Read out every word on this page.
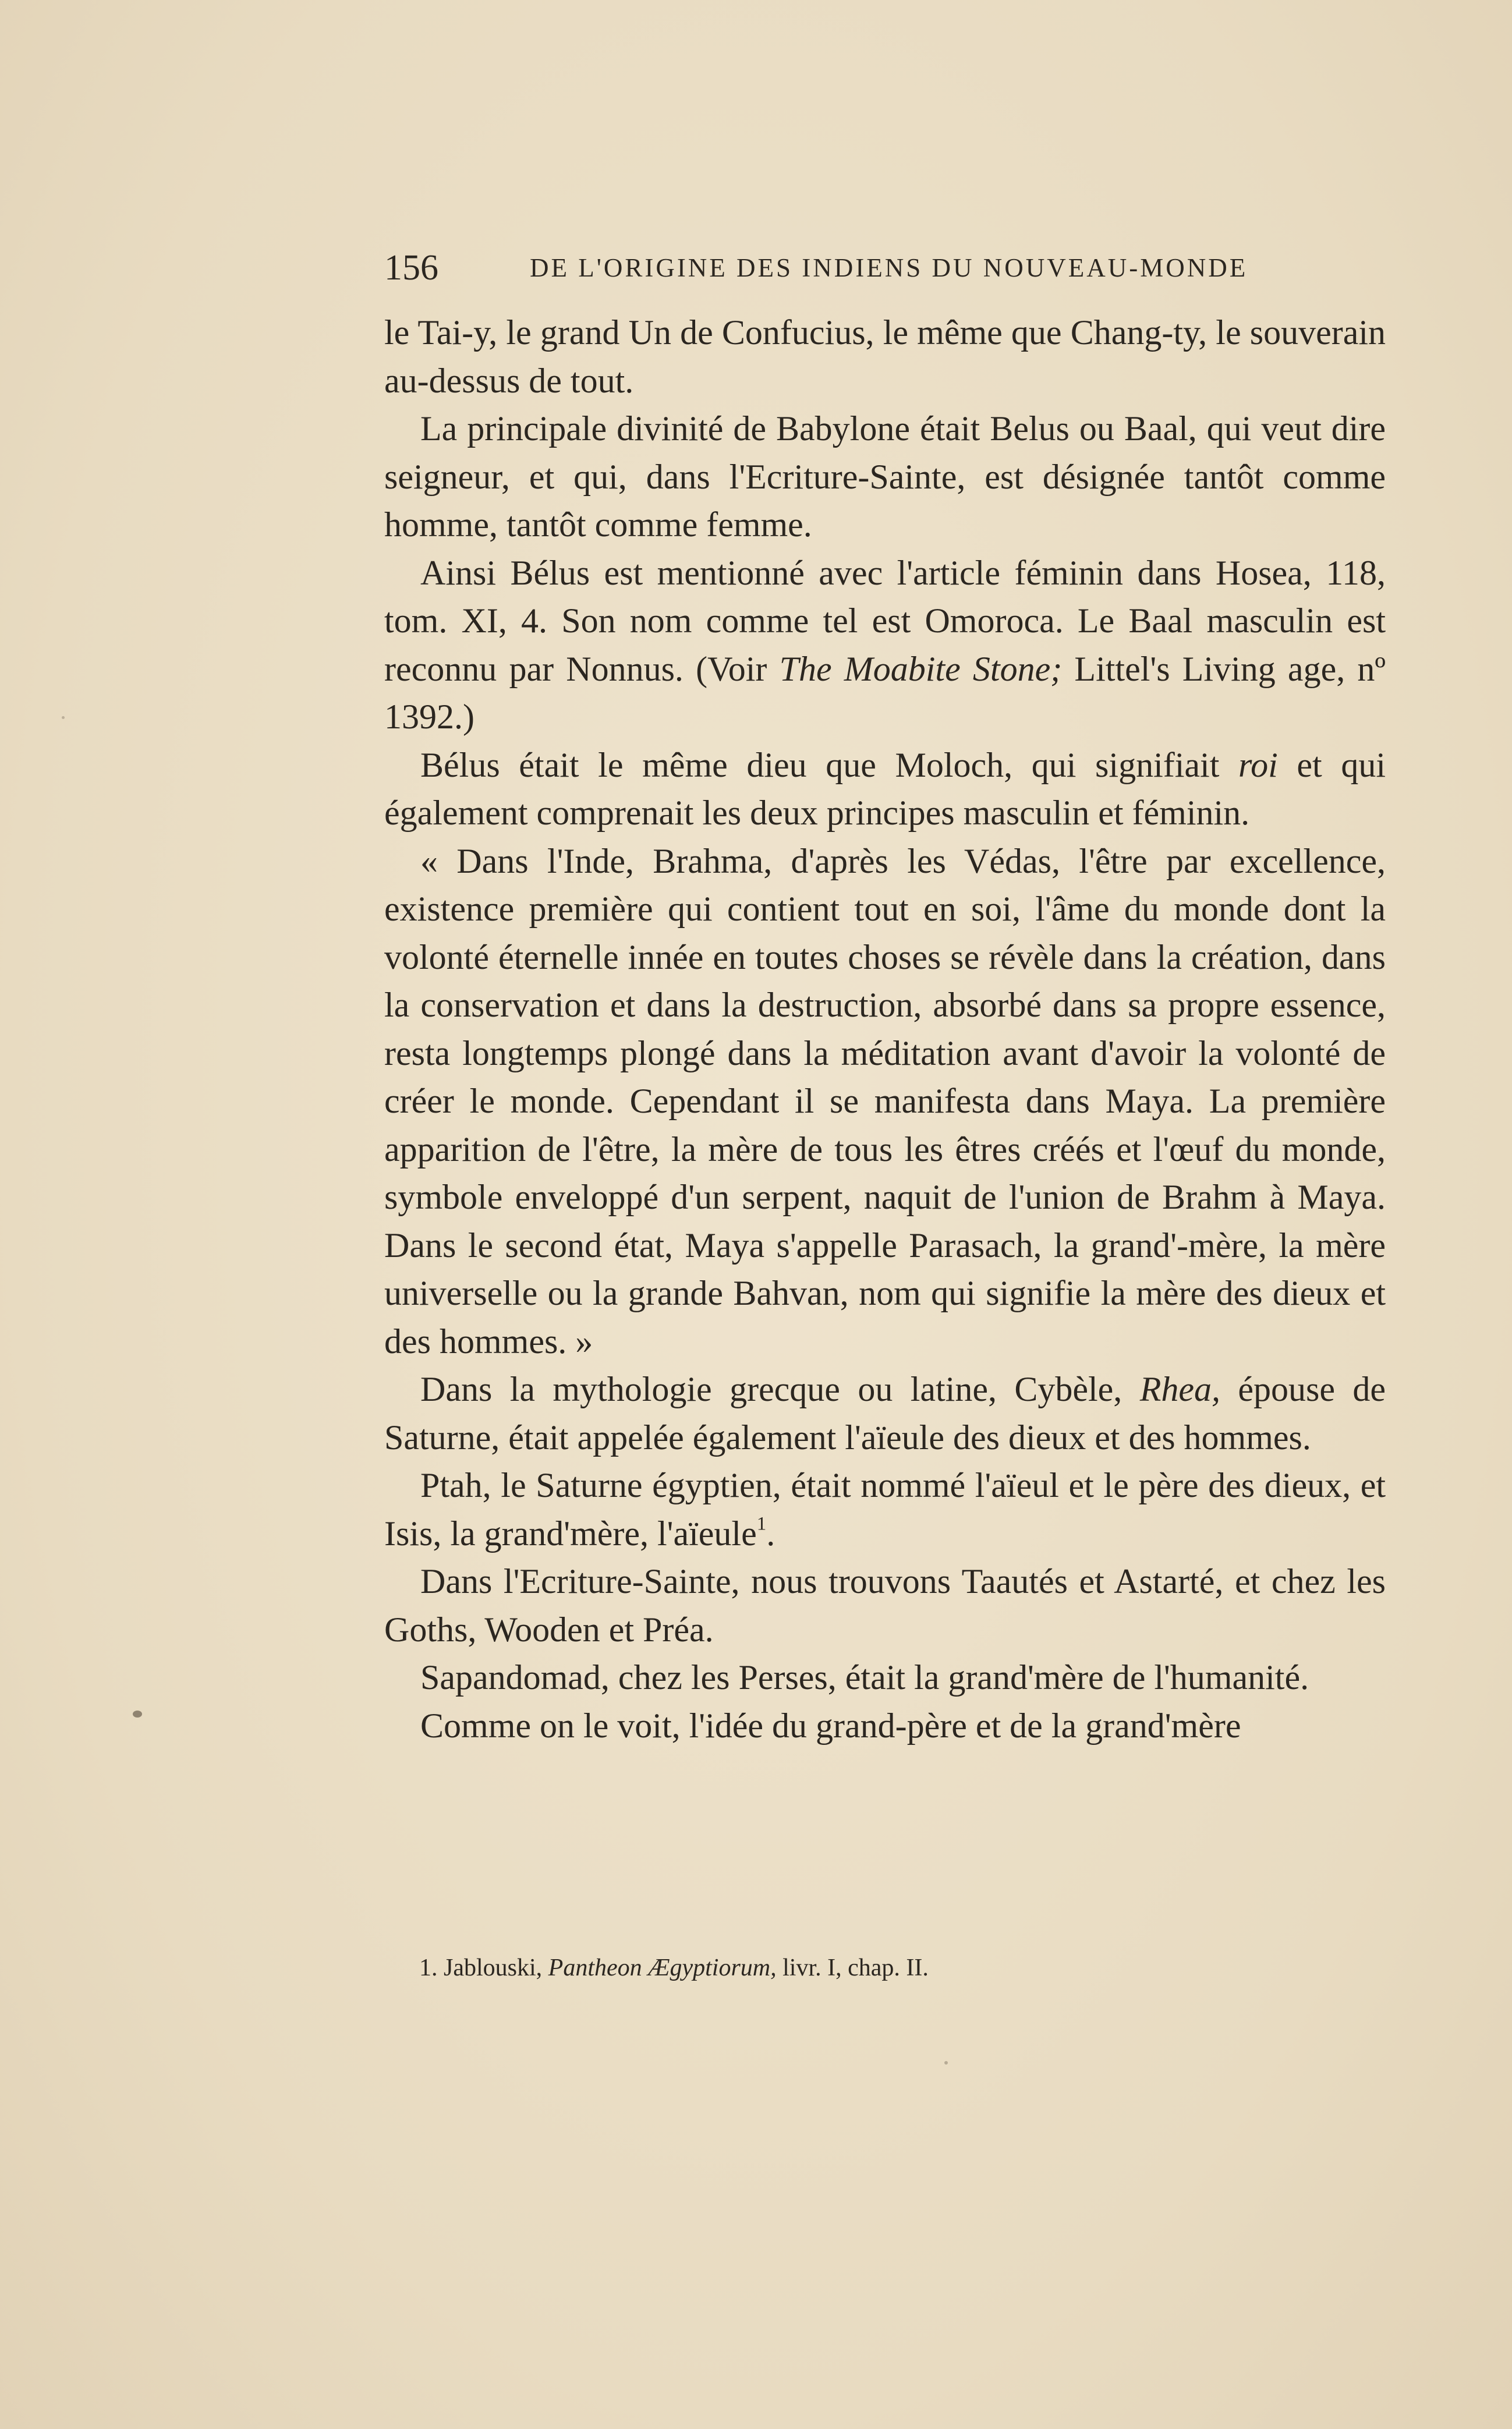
156	DE L'ORIGINE DES INDIENS DU NOUVEAU-MONDE

le Tai-y, le grand Un de Confucius, le même que Chang-ty, le souverain au-dessus de tout.

La principale divinité de Babylone était Belus ou Baal, qui veut dire seigneur, et qui, dans l'Ecriture-Sainte, est désignée tantôt comme homme, tantôt comme femme.

Ainsi Bélus est mentionné avec l'article féminin dans Hosea, 118, tom. XI, 4. Son nom comme tel est Omoroca. Le Baal masculin est reconnu par Nonnus. (Voir The Moabite Stone; Littel's Living age, nº 1392.)

Bélus était le même dieu que Moloch, qui signifiait roi et qui également comprenait les deux principes masculin et féminin.

« Dans l'Inde, Brahma, d'après les Védas, l'être par excellence, existence première qui contient tout en soi, l'âme du monde dont la volonté éternelle innée en toutes choses se révèle dans la création, dans la conservation et dans la destruction, absorbé dans sa propre essence, resta longtemps plongé dans la méditation avant d'avoir la volonté de créer le monde. Cependant il se manifesta dans Maya. La première apparition de l'être, la mère de tous les êtres créés et l'œuf du monde, symbole enveloppé d'un serpent, naquit de l'union de Brahm à Maya. Dans le second état, Maya s'appelle Parasach, la grand'-mère, la mère universelle ou la grande Bahvan, nom qui signifie la mère des dieux et des hommes. »

Dans la mythologie grecque ou latine, Cybèle, Rhea, épouse de Saturne, était appelée également l'aïeule des dieux et des hommes.

Ptah, le Saturne égyptien, était nommé l'aïeul et le père des dieux, et Isis, la grand'mère, l'aïeule$^1$.

Dans l'Ecriture-Sainte, nous trouvons Taautés et Astarté, et chez les Goths, Wooden et Préa.

Sapandomad, chez les Perses, était la grand'mère de l'humanité.

Comme on le voit, l'idée du grand-père et de la grand'mère

1. Jablouski, Pantheon Ægyptiorum, livr. I, chap. II.
